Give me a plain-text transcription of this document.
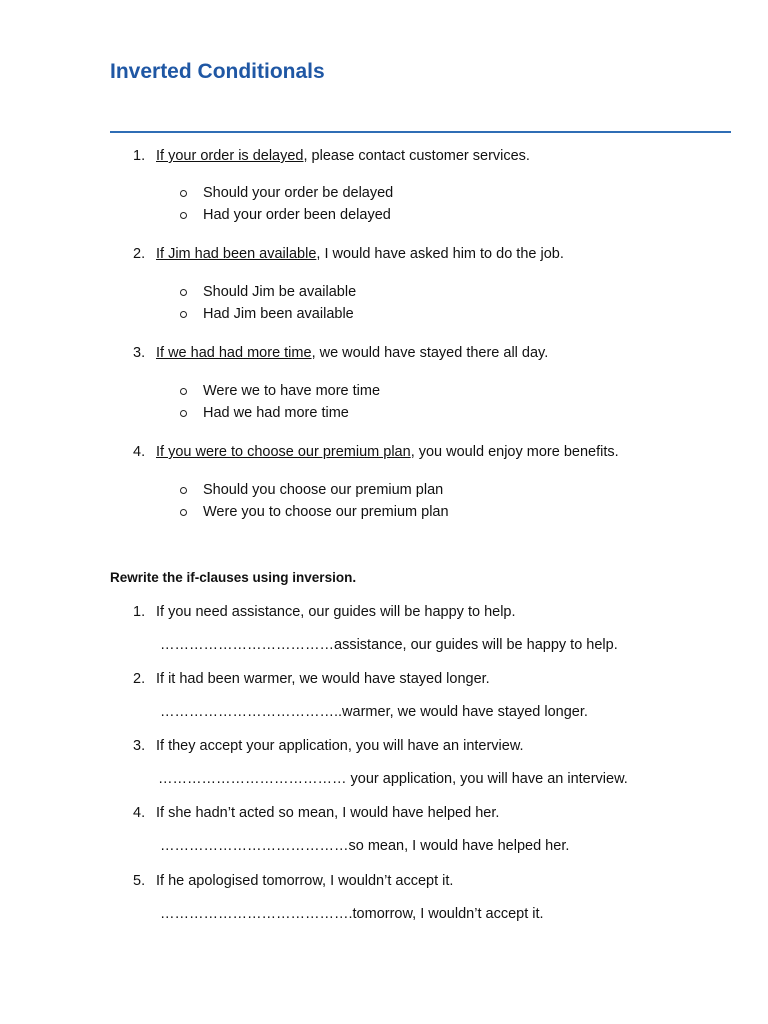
Inverted Conditionals
1. If your order is delayed, please contact customer services.
Should your order be delayed
Had your order been delayed
2. If Jim had been available, I would have asked him to do the job.
Should Jim be available
Had Jim been available
3. If we had had more time, we would have stayed there all day.
Were we to have more time
Had we had more time
4. If you were to choose our premium plan, you would enjoy more benefits.
Should you choose our premium plan
Were you to choose our premium plan
Rewrite the if-clauses using inversion.
1. If you need assistance, our guides will be happy to help.
………………………………assistance, our guides will be happy to help.
2. If it had been warmer, we would have stayed longer.
………………………………..warmer, we would have stayed longer.
3. If they accept your application, you will have an interview.
………………………………… your application, you will have an interview.
4. If she hadn’t acted so mean, I would have helped her.
…………………………………so mean, I would have helped her.
5. If he apologised tomorrow, I wouldn’t accept it.
………………………………….tomorrow, I wouldn’t accept it.
